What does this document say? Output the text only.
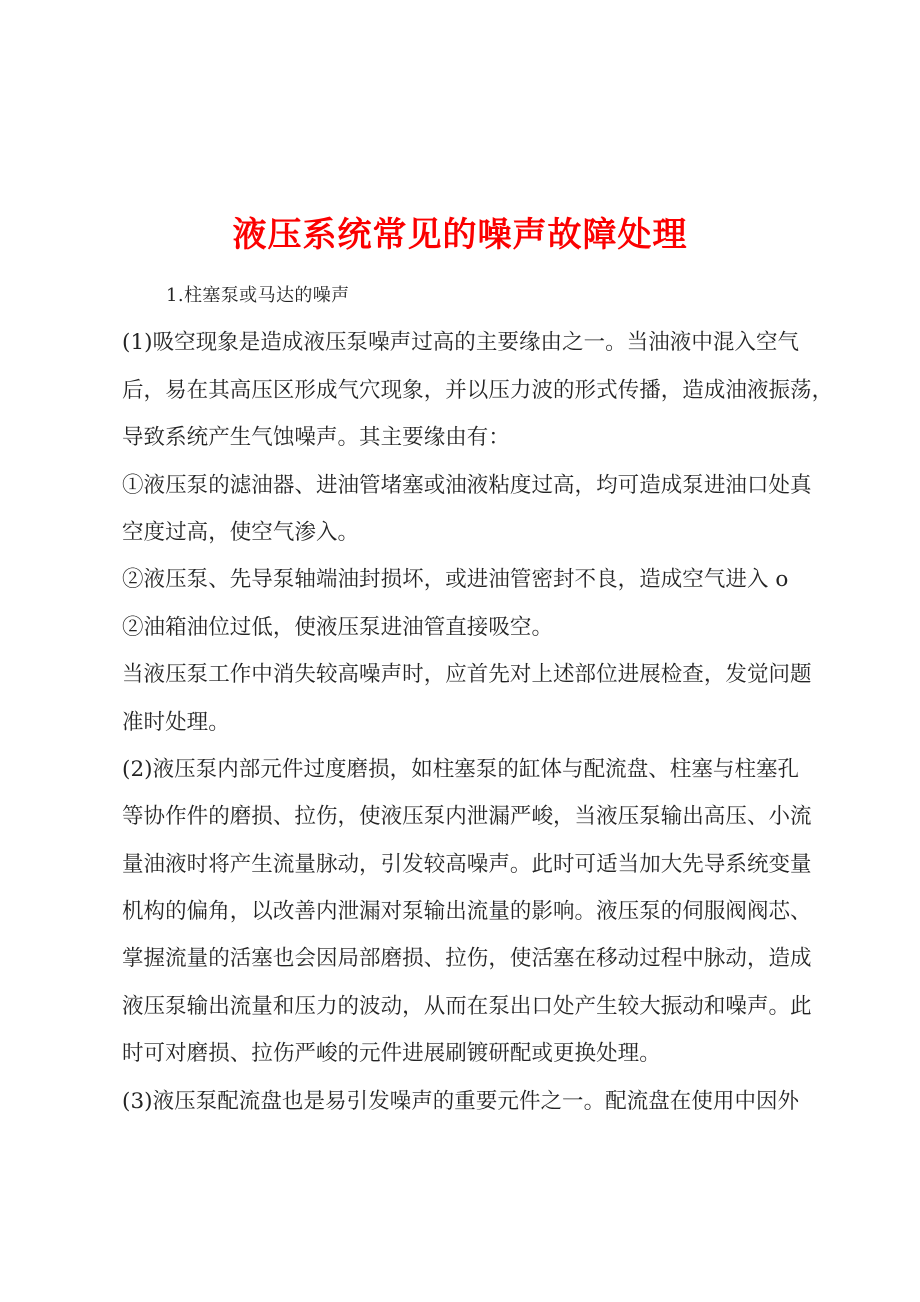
液压系统常见的噪声故障处理
1.柱塞泵或马达的噪声
(1)吸空现象是造成液压泵噪声过高的主要缘由之一。当油液中混入空气
后，易在其高压区形成气穴现象，并以压力波的形式传播，造成油液振荡，
导致系统产生气蚀噪声。其主要缘由有：
①液压泵的滤油器、进油管堵塞或油液粘度过高，均可造成泵进油口处真
空度过高，使空气渗入。
②液压泵、先导泵轴端油封损坏，或进油管密封不良，造成空气进入 o
②油箱油位过低，使液压泵进油管直接吸空。
当液压泵工作中消失较高噪声时，应首先对上述部位进展检查，发觉问题
准时处理。
(2)液压泵内部元件过度磨损，如柱塞泵的缸体与配流盘、柱塞与柱塞孔
等协作件的磨损、拉伤，使液压泵内泄漏严峻，当液压泵输出高压、小流
量油液时将产生流量脉动，引发较高噪声。此时可适当加大先导系统变量
机构的偏角，以改善内泄漏对泵输出流量的影响。液压泵的伺服阀阀芯、
掌握流量的活塞也会因局部磨损、拉伤，使活塞在移动过程中脉动，造成
液压泵输出流量和压力的波动，从而在泵出口处产生较大振动和噪声。此
时可对磨损、拉伤严峻的元件进展刷镀研配或更换处理。
(3)液压泵配流盘也是易引发噪声的重要元件之一。配流盘在使用中因外
